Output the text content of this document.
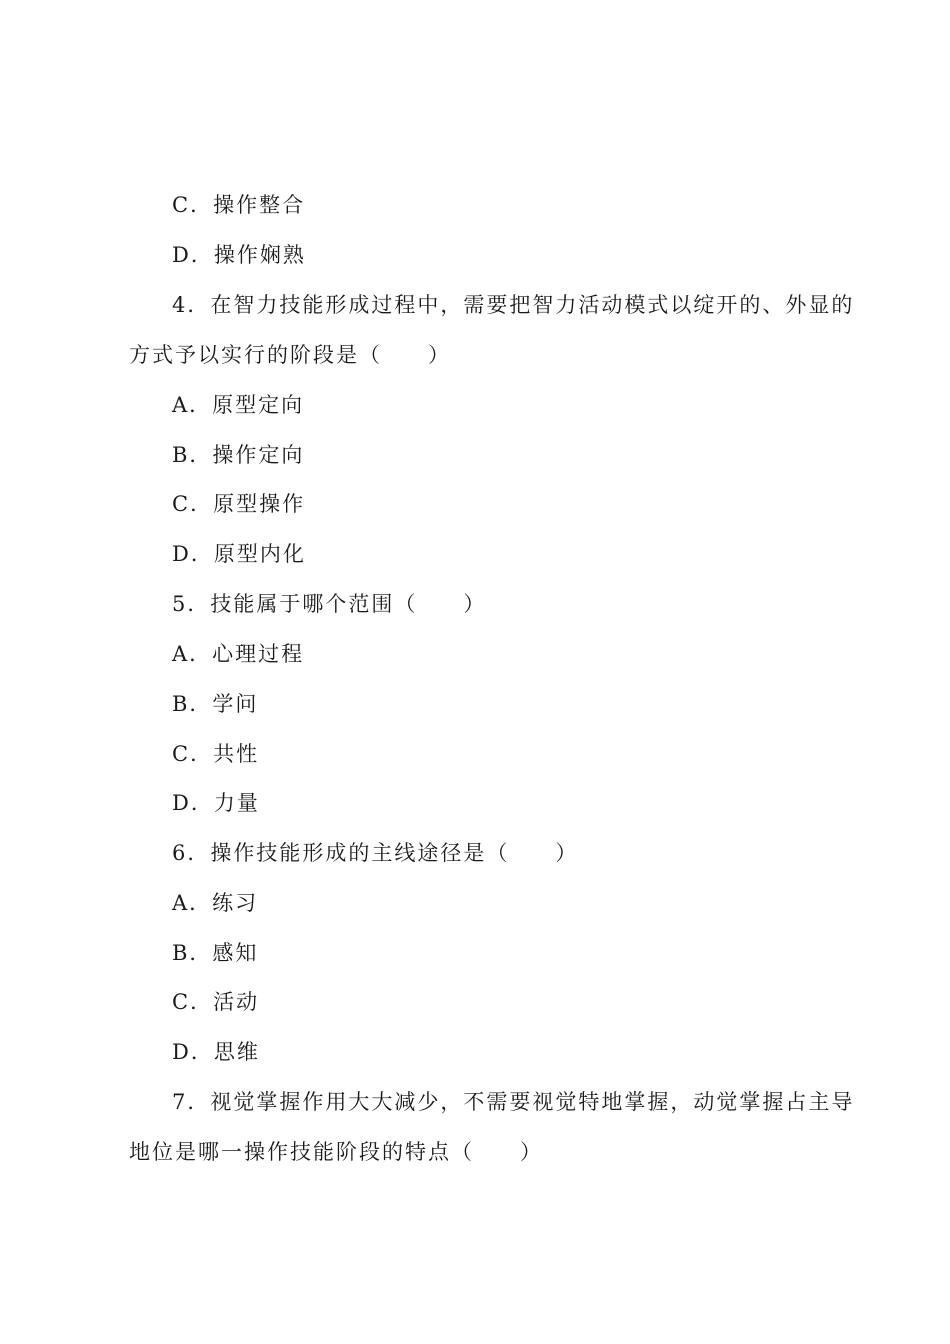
C．操作整合
D．操作娴熟
4．在智力技能形成过程中，需要把智力活动模式以绽开的、外显的
方式予以实行的阶段是（　　）
A．原型定向
B．操作定向
C．原型操作
D．原型内化
5．技能属于哪个范围（　　）
A．心理过程
B．学问
C．共性
D．力量
6．操作技能形成的主线途径是（　　）
A．练习
B．感知
C．活动
D．思维
7．视觉掌握作用大大减少，不需要视觉特地掌握，动觉掌握占主导
地位是哪一操作技能阶段的特点（　　）
